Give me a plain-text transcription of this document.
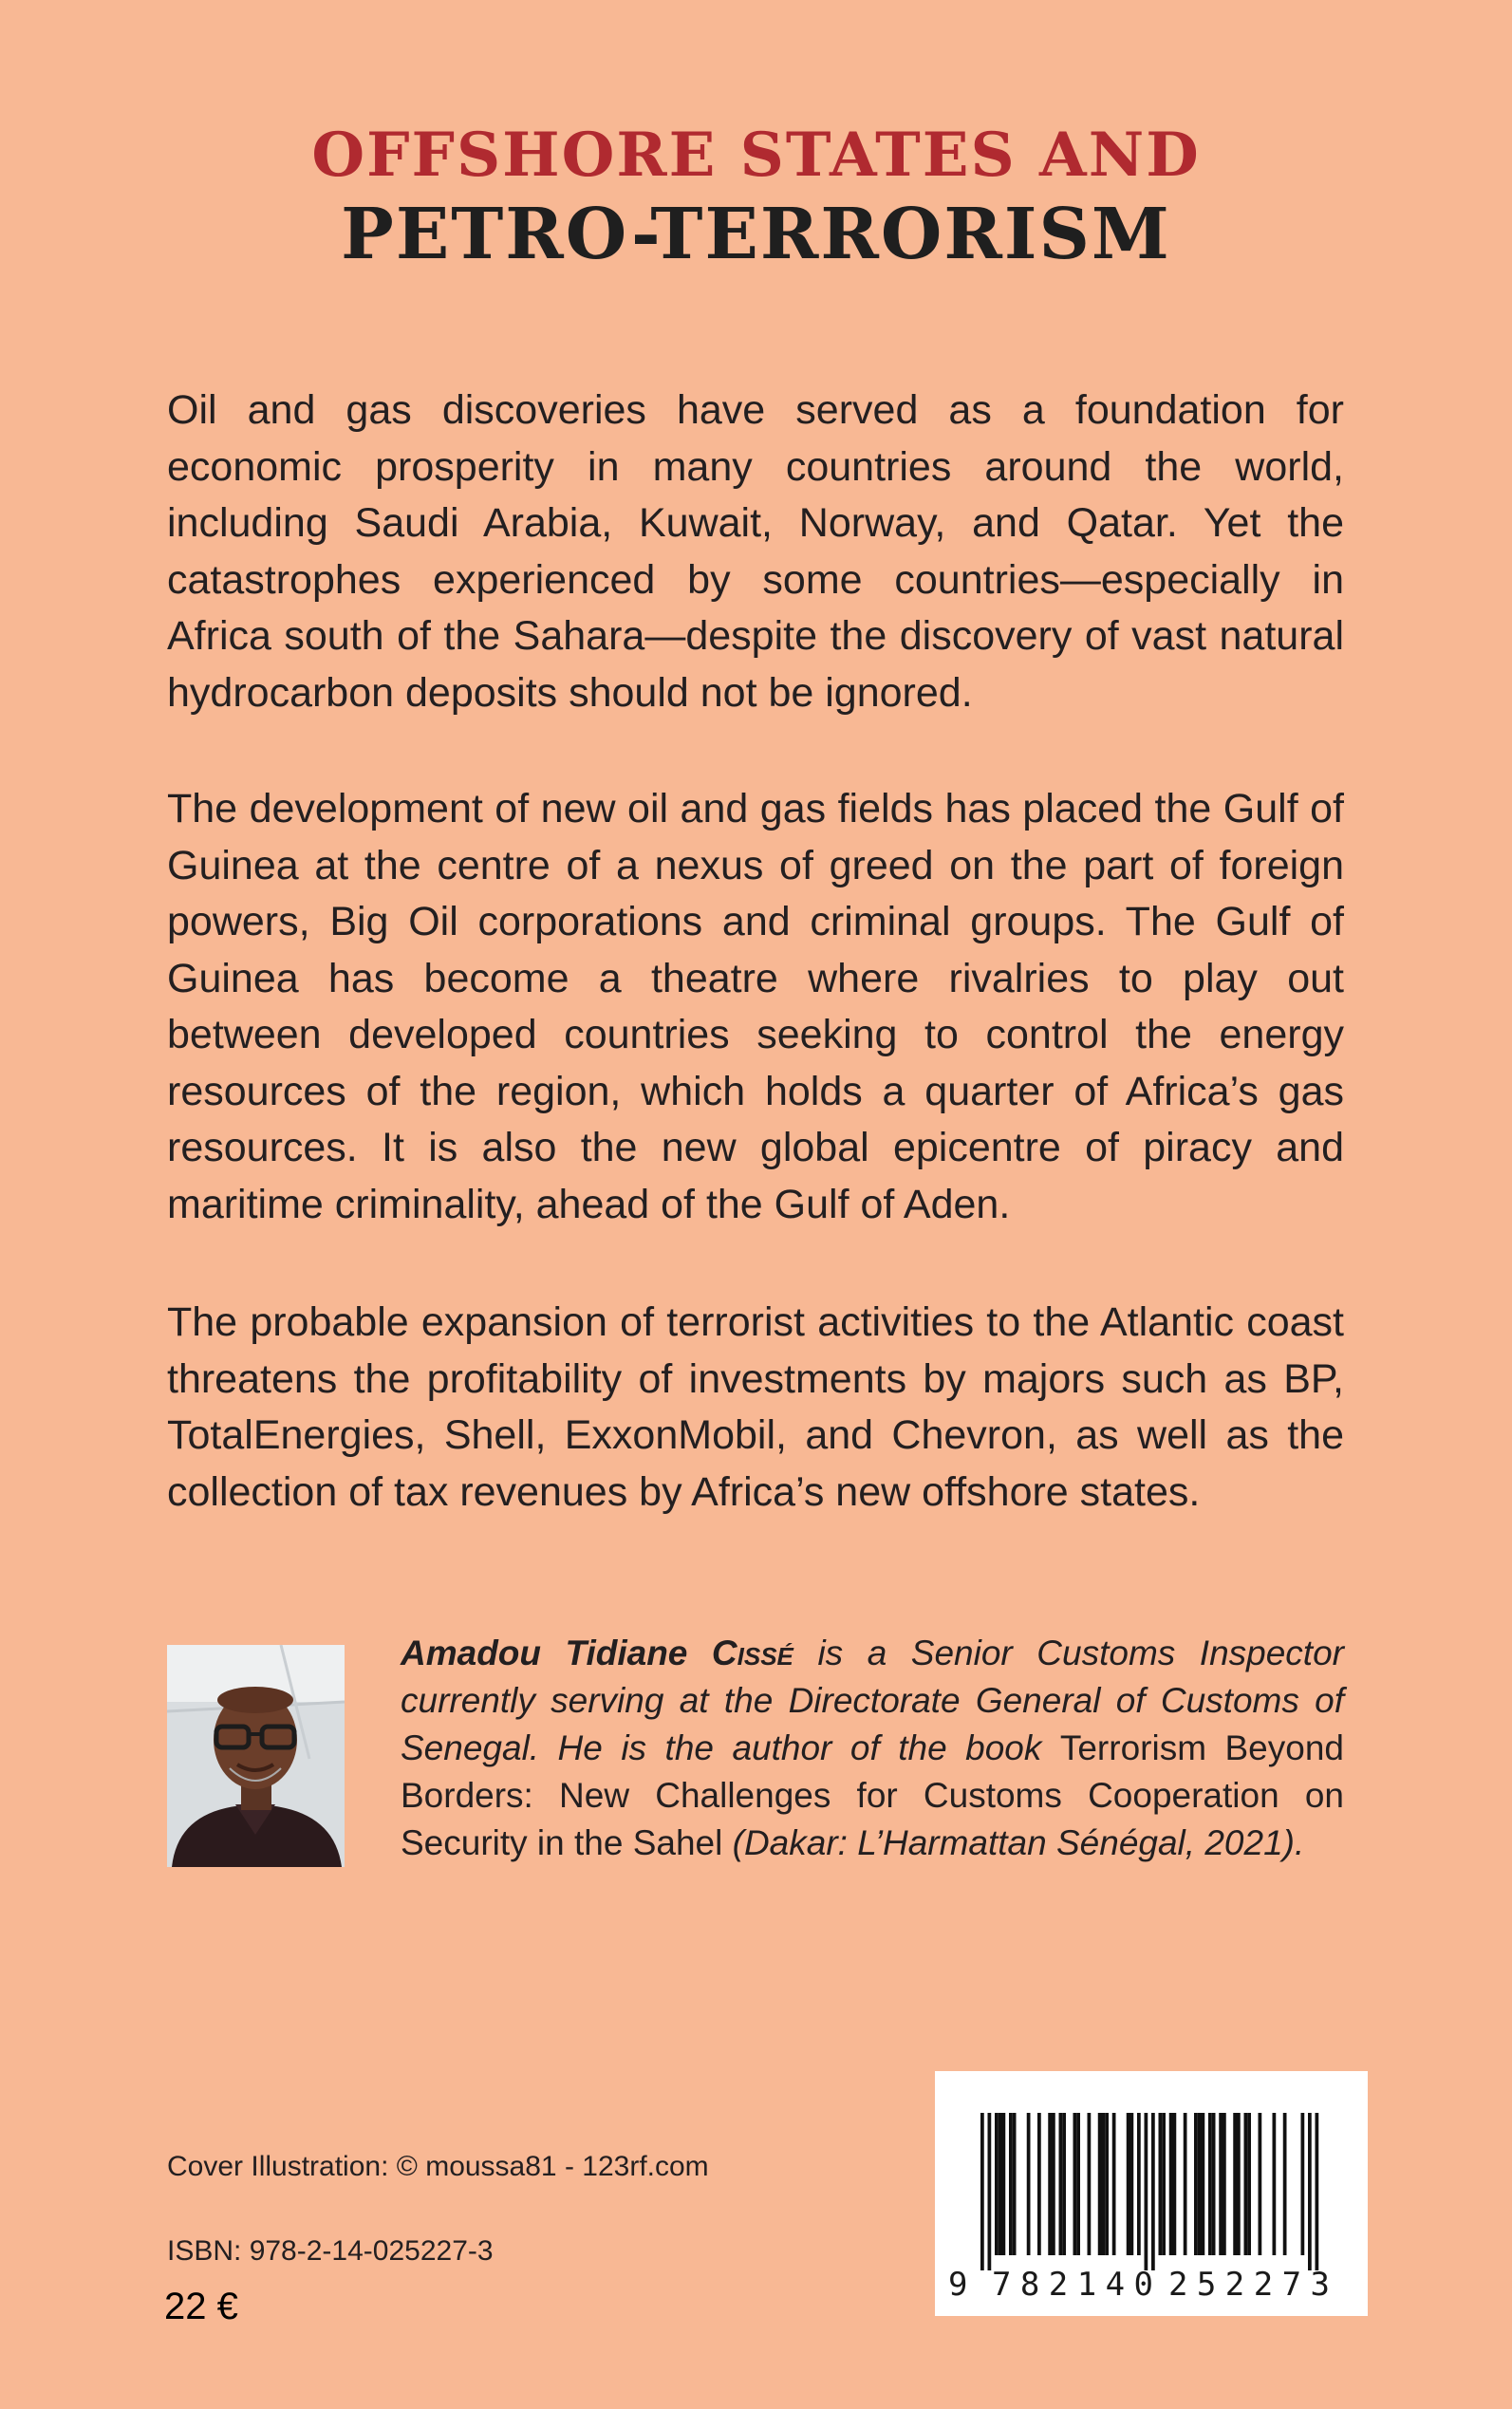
OFFSHORE STATES AND
PETRO-TERRORISM

Oil and gas discoveries have served as a foundation for economic prosperity in many countries around the world, including Saudi Arabia, Kuwait, Norway, and Qatar. Yet the catastrophes experienced by some countries—especially in Africa south of the Sahara—despite the discovery of vast natural hydrocarbon deposits should not be ignored.

The development of new oil and gas fields has placed the Gulf of Guinea at the centre of a nexus of greed on the part of foreign powers, Big Oil corporations and criminal groups. The Gulf of Guinea has become a theatre where rivalries to play out between developed countries seeking to control the energy resources of the region, which holds a quarter of Africa’s gas resources. It is also the new global epicentre of piracy and maritime criminality, ahead of the Gulf of Aden.

The probable expansion of terrorist activities to the Atlantic coast threatens the profitability of investments by majors such as BP, TotalEnergies, Shell, ExxonMobil, and Chevron, as well as the collection of tax revenues by Africa’s new offshore states.

Amadou Tidiane Cissé is a Senior Customs Inspector currently serving at the Directorate General of Customs of Senegal. He is the author of the book Terrorism Beyond Borders: New Challenges for Customs Cooperation on Security in the Sahel (Dakar: L’Harmattan Sénégal, 2021).

Cover Illustration: © moussa81 - 123rf.com
ISBN: 978-2-14-025227-3
22 €
9 782140 252273
